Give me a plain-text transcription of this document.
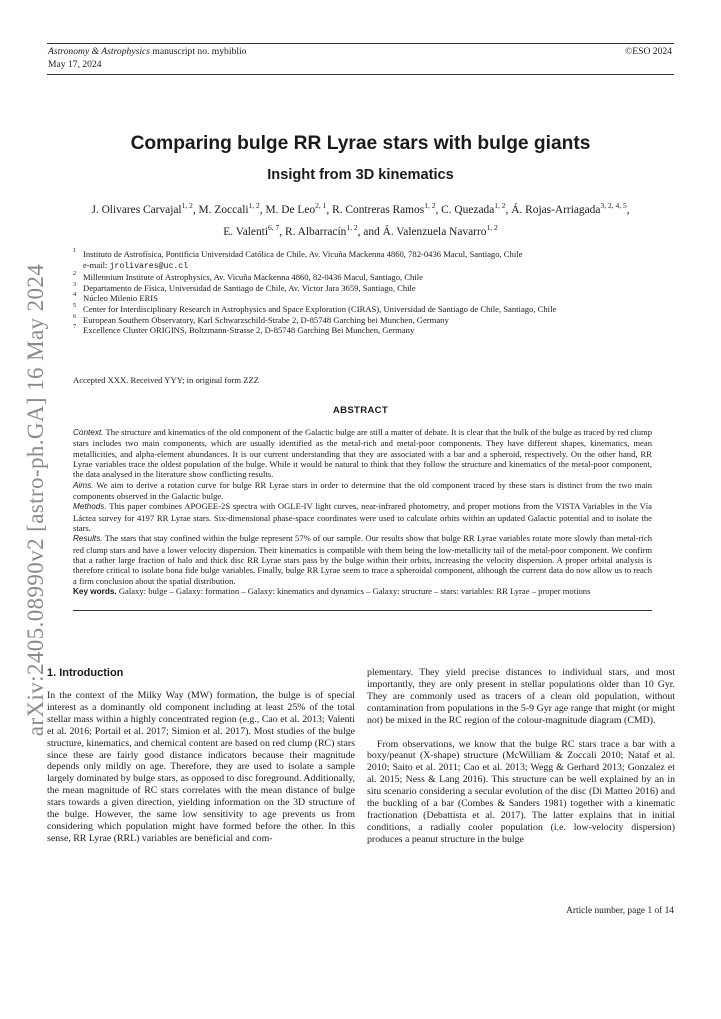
arXiv:2405.08990v2 [astro-ph.GA] 16 May 2024
Astronomy & Astrophysics manuscript no. mybiblio
May 17, 2024
©ESO 2024
Comparing bulge RR Lyrae stars with bulge giants
Insight from 3D kinematics
J. Olivares Carvajal$^{1, 2}$, M. Zoccali$^{1, 2}$, M. De Leo$^{2, 1}$, R. Contreras Ramos$^{1, 2}$, C. Quezada$^{1, 2}$, Á. Rojas-Arriagada$^{3, 2, 4, 5}$, E. Valenti$^{6, 7}$, R. Albarracín$^{1, 2}$, and Á. Valenzuela Navarro$^{1, 2}$
1 Instituto de Astrofísica, Pontificia Universidad Católica de Chile, Av. Vicuña Mackenna 4860, 782-0436 Macul, Santiago, Chile
e-mail: jrolivares@uc.cl
2 Millennium Institute of Astrophysics, Av. Vicuña Mackenna 4860, 82-0436 Macul, Santiago, Chile
3 Departamento de Física, Universidad de Santiago de Chile, Av. Victor Jara 3659, Santiago, Chile
4 Núcleo Milenio ERIS
5 Center for Interdisciplinary Research in Astrophysics and Space Exploration (CIRAS), Universidad de Santiago de Chile, Santiago, Chile
6 European Southern Observatory, Karl Schwarzschild-Strabe 2, D-85748 Garching bei Munchen, Germany
7 Excellence Cluster ORIGINS, Boltzmann-Strasse 2, D-85748 Garching Bei Munchen, Germany
Accepted XXX. Received YYY; in original form ZZZ
ABSTRACT

Context. The structure and kinematics of the old component of the Galactic bulge are still a matter of debate. It is clear that the bulk of the bulge as traced by red clump stars includes two main components, which are usually identified as the metal-rich and metal-poor components. They have different shapes, kinematics, mean metallicities, and alpha-element abundances. It is our current understanding that they are associated with a bar and a spheroid, respectively. On the other hand, RR Lyrae variables trace the oldest population of the bulge. While it would be natural to think that they follow the structure and kinematics of the metal-poor component, the data analysed in the literature show conflicting results.

Aims. We aim to derive a rotation curve for bulge RR Lyrae stars in order to determine that the old component traced by these stars is distinct from the two main components observed in the Galactic bulge.

Methods. This paper combines APOGEE-2S spectra with OGLE-IV light curves, near-infrared photometry, and proper motions from the VISTA Variables in the Vía Láctea survey for 4197 RR Lyrae stars. Six-dimensional phase-space coordinates were used to calculate orbits within an updated Galactic potential and to isolate the stars.

Results. The stars that stay confined within the bulge represent 57% of our sample. Our results show that bulge RR Lyrae variables rotate more slowly than metal-rich red clump stars and have a lower velocity dispersion. Their kinematics is compatible with them being the low-metallicity tail of the metal-poor component. We confirm that a rather large fraction of halo and thick disc RR Lyrae stars pass by the bulge within their orbits, increasing the velocity dispersion. A proper orbital analysis is therefore critical to isolate bona fide bulge variables. Finally, bulge RR Lyrae seem to trace a spheroidal component, although the current data do now allow us to reach a firm conclusion about the spatial distribution.

Key words. Galaxy: bulge – Galaxy: formation – Galaxy: kinematics and dynamics – Galaxy: structure – stars: variables: RR Lyrae – proper motions
1. Introduction

In the context of the Milky Way (MW) formation, the bulge is of special interest as a dominantly old component including at least 25% of the total stellar mass within a highly concentrated region (e.g., Cao et al. 2013; Valenti et al. 2016; Portail et al. 2017; Simion et al. 2017). Most studies of the bulge structure, kinematics, and chemical content are based on red clump (RC) stars since these are fairly good distance indicators because their magnitude depends only mildly on age. Therefore, they are used to isolate a sample largely dominated by bulge stars, as opposed to disc foreground. Additionally, the mean magnitude of RC stars correlates with the mean distance of bulge stars towards a given direction, yielding information on the 3D structure of the bulge. However, the same low sensitivity to age prevents us from considering which population might have formed before the other. In this sense, RR Lyrae (RRL) variables are beneficial and com-

plementary. They yield precise distances to individual stars, and most importantly, they are only present in stellar populations older than 10 Gyr. They are commonly used as tracers of a clean old population, without contamination from populations in the 5-9 Gyr age range that might (or might not) be mixed in the RC region of the colour-magnitude diagram (CMD).

From observations, we know that the bulge RC stars trace a bar with a boxy/peanut (X-shape) structure (McWilliam & Zoccali 2010; Nataf et al. 2010; Saito et al. 2011; Cao et al. 2013; Wegg & Gerhard 2013; Gonzalez et al. 2015; Ness & Lang 2016). This structure can be well explained by an in situ scenario considering a secular evolution of the disc (Di Matteo 2016) and the buckling of a bar (Combes & Sanders 1981) together with a kinematic fractionation (Debattista et al. 2017). The latter explains that in initial conditions, a radially cooler population (i.e. low-velocity dispersion) produces a peanut structure in the bulge

Article number, page 1 of 14
